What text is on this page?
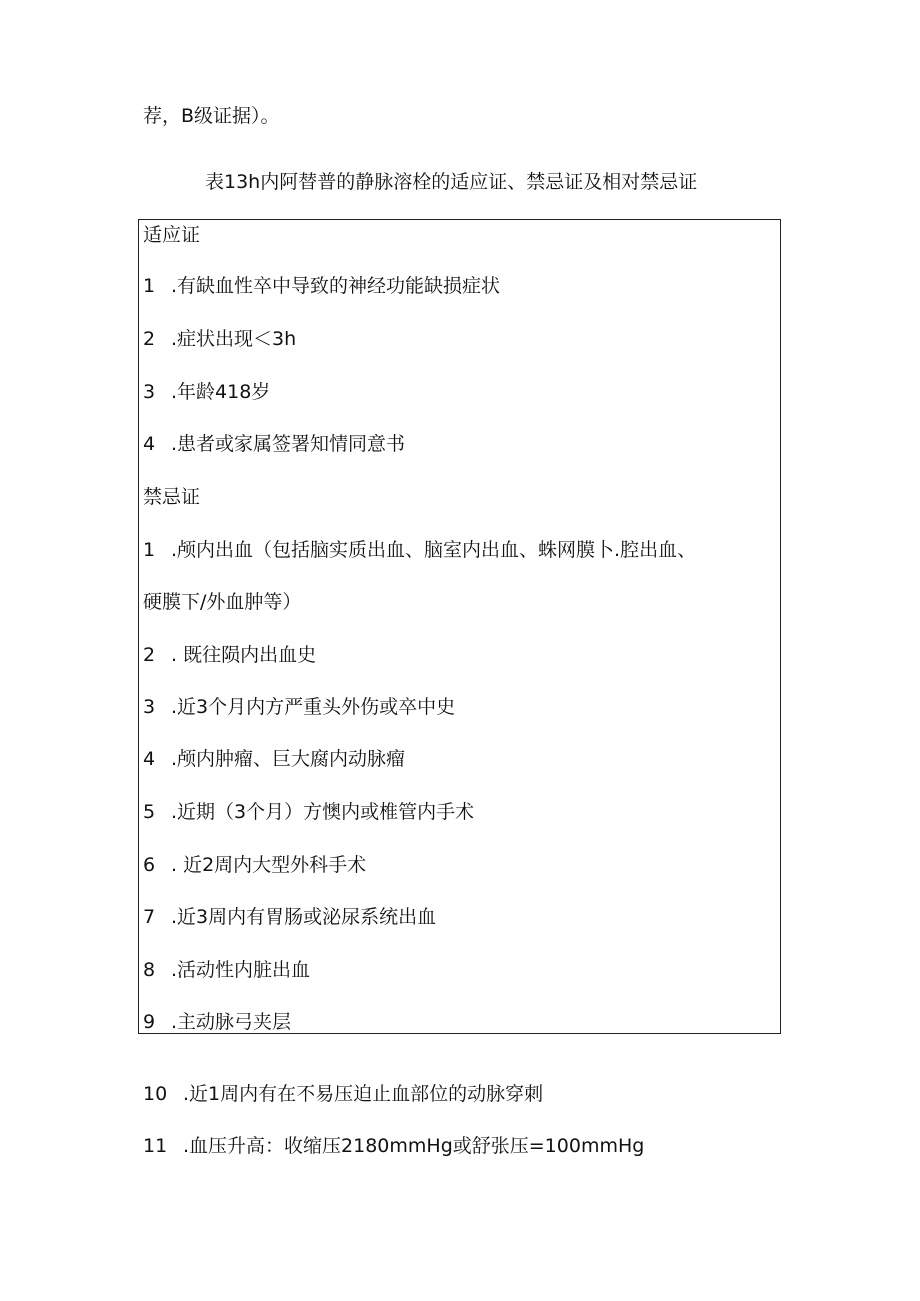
荐，B级证据）。
表13h内阿替普的静脉溶栓的适应证、禁忌证及相对禁忌证
适应证
1 .有缺血性卒中导致的神经功能缺损症状
2 .症状出现＜3h
3 .年龄418岁
4 .患者或家属签署知情同意书
禁忌证
1 .颅内出血（包括脑实质出血、脑室内出血、蛛网膜卜.腔出血、
硬膜下/外血肿等）
2 . 既往陨内出血史
3 .近3个月内方严重头外伤或卒中史
4 .颅内肿瘤、巨大腐内动脉瘤
5 .近期（3个月）方懊内或椎管内手术
6 . 近2周内大型外科手术
7 .近3周内有胃肠或泌尿系统出血
8 .活动性内脏出血
9 .主动脉弓夹层
10 .近1周内有在不易压迫止血部位的动脉穿刺
11 .血压升高：收缩压2180mmHg或舒张压=100mmHg
